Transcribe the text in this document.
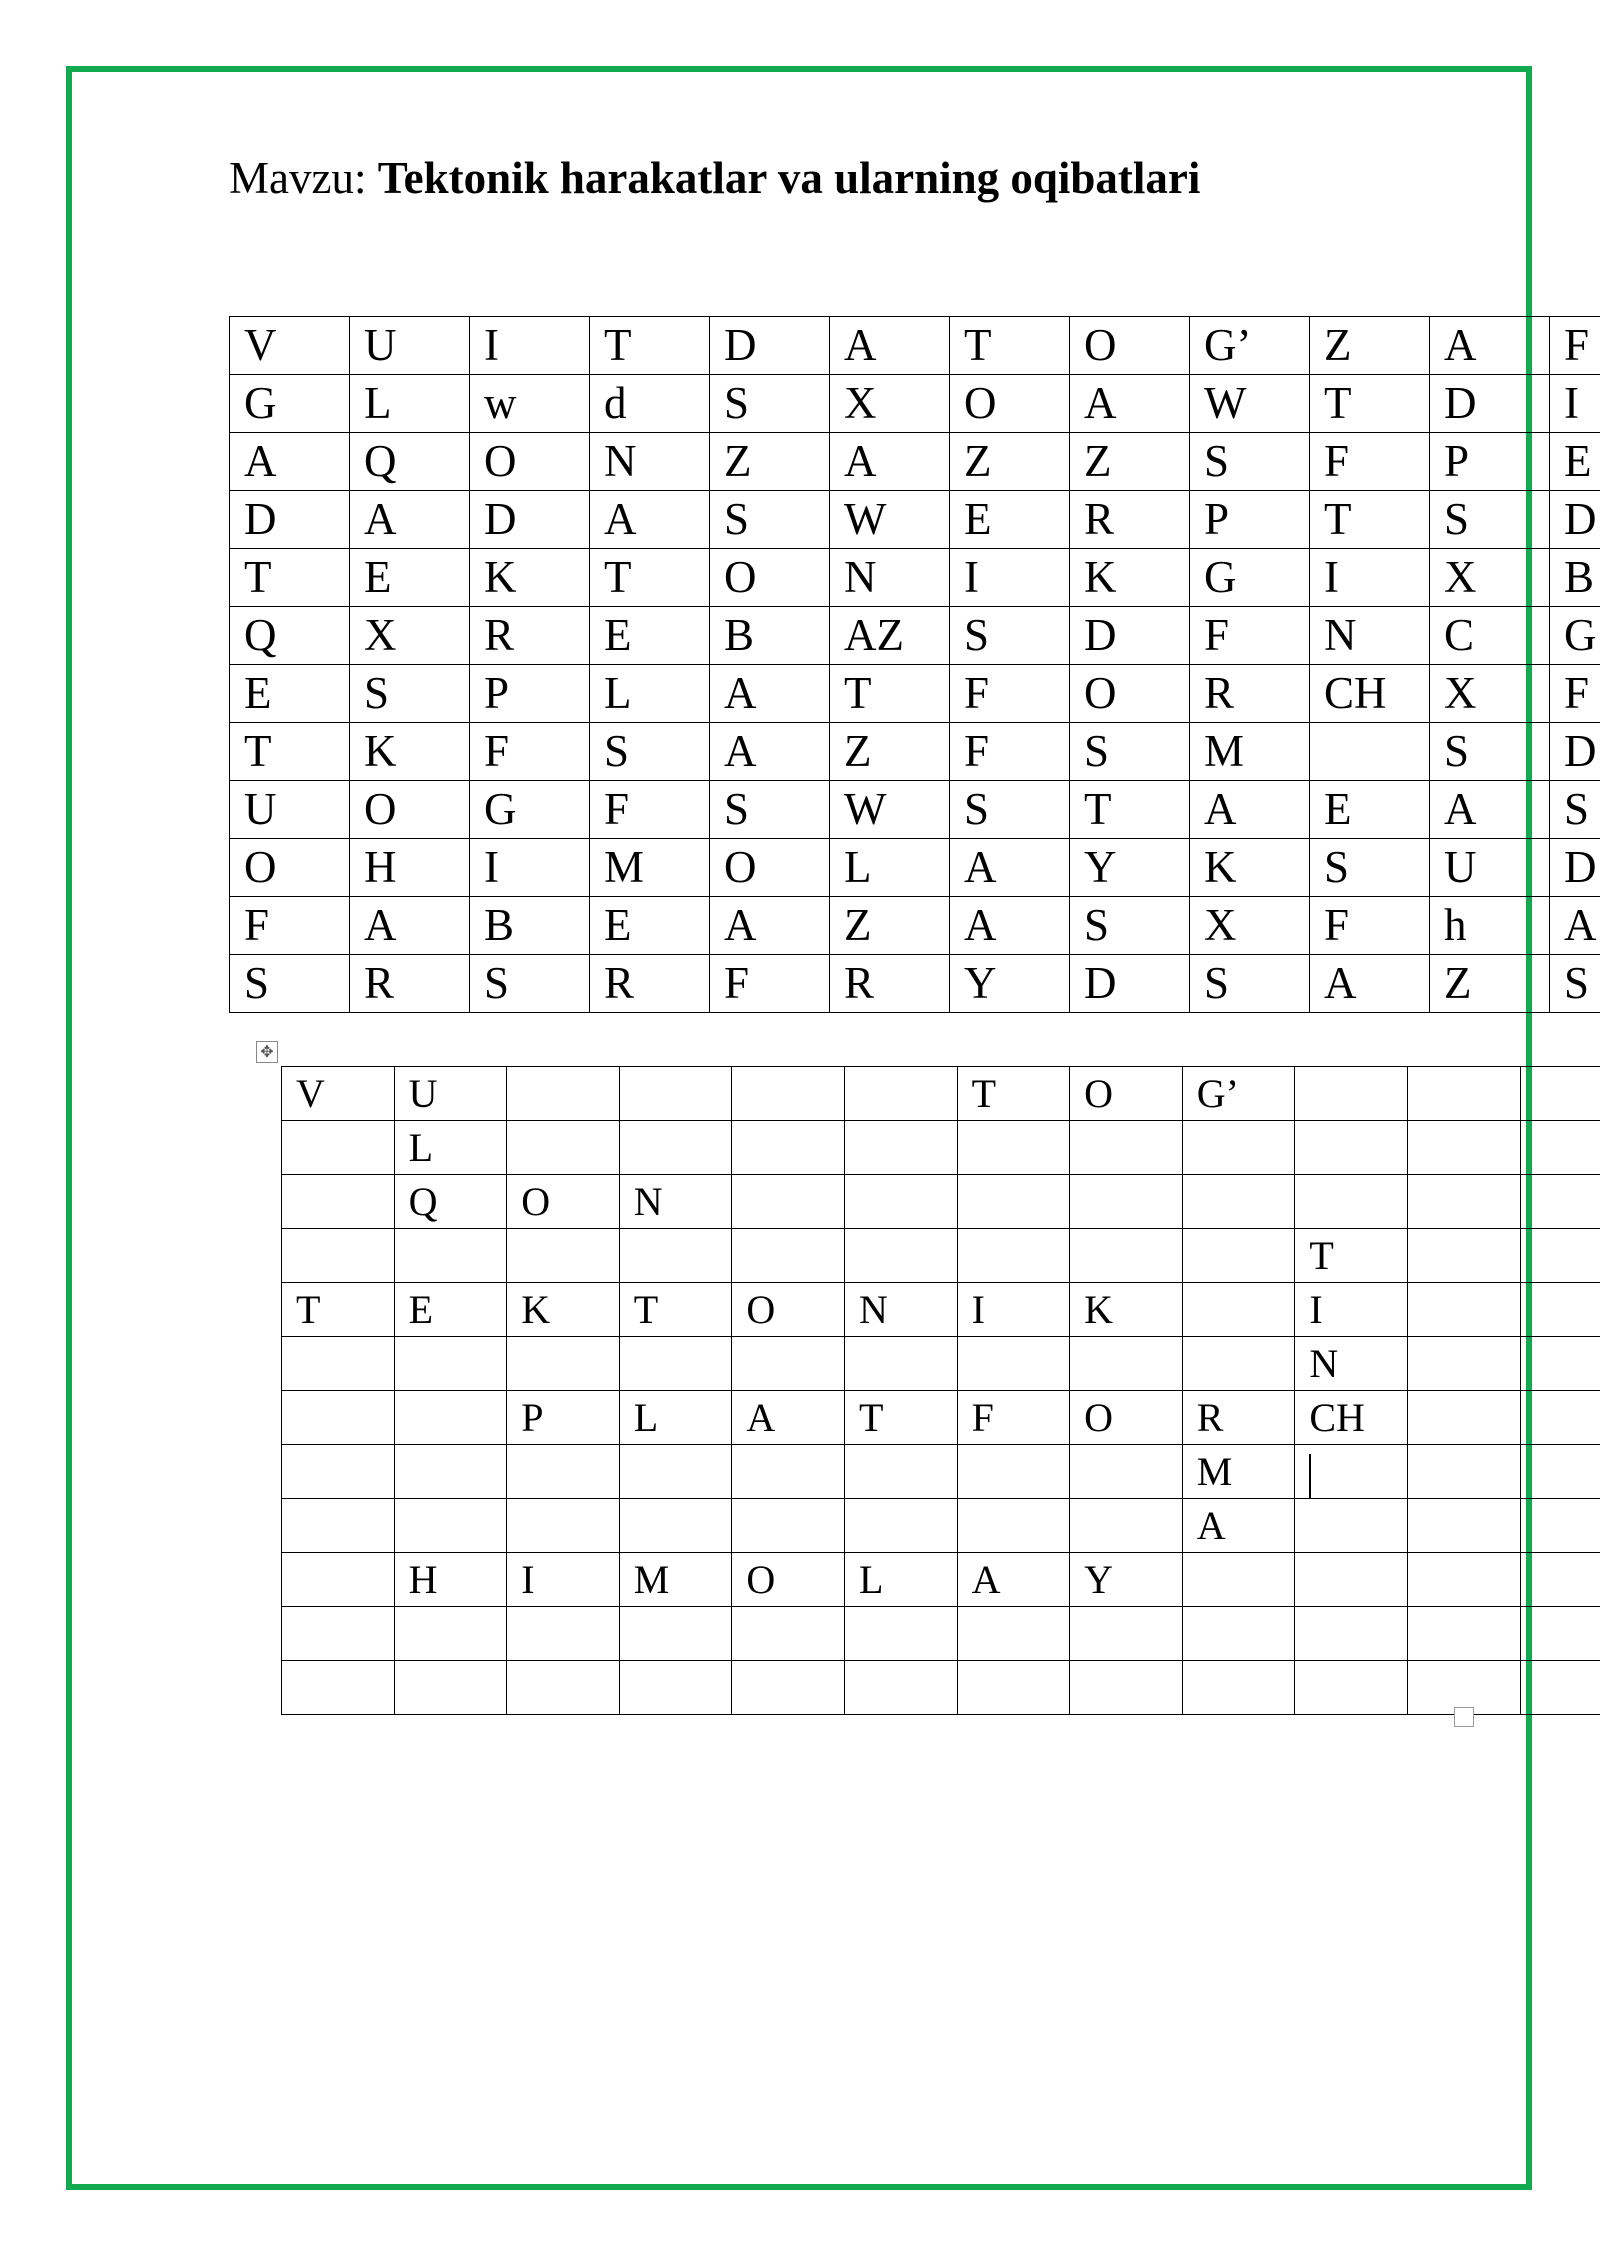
Mavzu: Tektonik harakatlar va ularning oqibatlari
V	U	I	T	D	A	T	O	G’	Z	A	F
G	L	w	d	S	X	O	A	W	T	D	I
A	Q	O	N	Z	A	Z	Z	S	F	P	E
D	A	D	A	S	W	E	R	P	T	S	D
T	E	K	T	O	N	I	K	G	I	X	B
Q	X	R	E	B	AZ	S	D	F	N	C	G
E	S	P	L	A	T	F	O	R	CH	X	F
T	K	F	S	A	Z	F	S	M		S	D
U	O	G	F	S	W	S	T	A	E	A	S
O	H	I	M	O	L	A	Y	K	S	U	D
F	A	B	E	A	Z	A	S	X	F	h	A
S	R	S	R	F	R	Y	D	S	A	Z	S
✥
V	U					T	O	G’			
	L										
	Q	O	N								
									T		
T	E	K	T	O	N	I	K		I		
									N		
		P	L	A	T	F	O	R	CH		
								M			
								A			
	H	I	M	O	L	A	Y				
